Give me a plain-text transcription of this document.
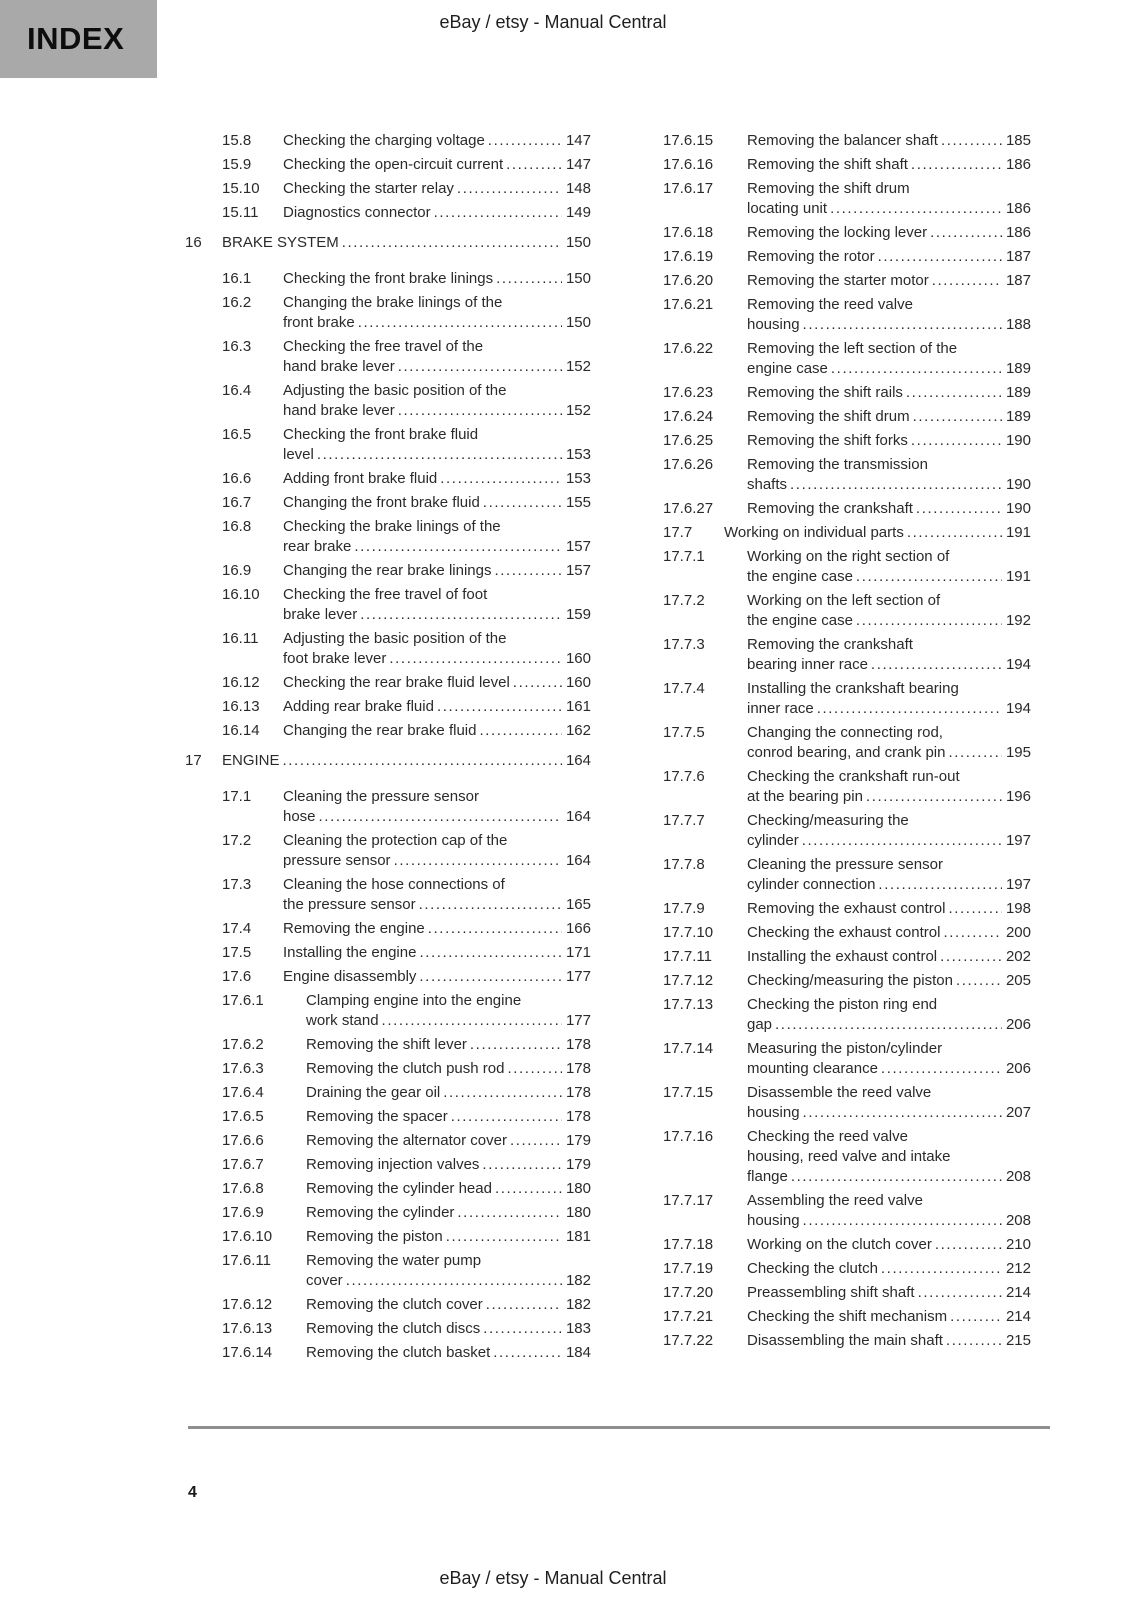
INDEX	eBay / etsy - Manual Central
15.8	Checking the charging voltage .....	147
15.9	Checking the open-circuit current .....	147
15.10	Checking the starter relay .....	148
15.11	Diagnostics connector .....	149
16	BRAKE SYSTEM .....	150
16.1	Checking the front brake linings .....	150
16.2	Changing the brake linings of the
front brake .....	150
16.3	Checking the free travel of the
hand brake lever .....	152
16.4	Adjusting the basic position of the
hand brake lever .....	152
16.5	Checking the front brake fluid
level .....	153
16.6	Adding front brake fluid .....	153
16.7	Changing the front brake fluid .....	155
16.8	Checking the brake linings of the
rear brake .....	157
16.9	Changing the rear brake linings .....	157
16.10	Checking the free travel of foot
brake lever .....	159
16.11	Adjusting the basic position of the
foot brake lever .....	160
16.12	Checking the rear brake fluid level .....	160
16.13	Adding rear brake fluid .....	161
16.14	Changing the rear brake fluid .....	162
17	ENGINE .....	164
17.1	Cleaning the pressure sensor
hose .....	164
17.2	Cleaning the protection cap of the
pressure sensor .....	164
17.3	Cleaning the hose connections of
the pressure sensor .....	165
17.4	Removing the engine .....	166
17.5	Installing the engine .....	171
17.6	Engine disassembly .....	177
17.6.1	Clamping engine into the engine
work stand .....	177
17.6.2	Removing the shift lever .....	178
17.6.3	Removing the clutch push rod .....	178
17.6.4	Draining the gear oil .....	178
17.6.5	Removing the spacer .....	178
17.6.6	Removing the alternator cover .....	179
17.6.7	Removing injection valves .....	179
17.6.8	Removing the cylinder head .....	180
17.6.9	Removing the cylinder .....	180
17.6.10	Removing the piston .....	181
17.6.11	Removing the water pump
cover .....	182
17.6.12	Removing the clutch cover .....	182
17.6.13	Removing the clutch discs .....	183
17.6.14	Removing the clutch basket .....	184
17.6.15	Removing the balancer shaft .....	185
17.6.16	Removing the shift shaft .....	186
17.6.17	Removing the shift drum
locating unit .....	186
17.6.18	Removing the locking lever .....	186
17.6.19	Removing the rotor .....	187
17.6.20	Removing the starter motor .....	187
17.6.21	Removing the reed valve
housing .....	188
17.6.22	Removing the left section of the
engine case .....	189
17.6.23	Removing the shift rails .....	189
17.6.24	Removing the shift drum .....	189
17.6.25	Removing the shift forks .....	190
17.6.26	Removing the transmission
shafts .....	190
17.6.27	Removing the crankshaft .....	190
17.7	Working on individual parts .....	191
17.7.1	Working on the right section of
the engine case .....	191
17.7.2	Working on the left section of
the engine case .....	192
17.7.3	Removing the crankshaft
bearing inner race .....	194
17.7.4	Installing the crankshaft bearing
inner race .....	194
17.7.5	Changing the connecting rod,
conrod bearing, and crank pin .....	195
17.7.6	Checking the crankshaft run-out
at the bearing pin .....	196
17.7.7	Checking/measuring the
cylinder .....	197
17.7.8	Cleaning the pressure sensor
cylinder connection .....	197
17.7.9	Removing the exhaust control .....	198
17.7.10	Checking the exhaust control .....	200
17.7.11	Installing the exhaust control .....	202
17.7.12	Checking/measuring the piston .....	205
17.7.13	Checking the piston ring end
gap .....	206
17.7.14	Measuring the piston/cylinder
mounting clearance .....	206
17.7.15	Disassemble the reed valve
housing .....	207
17.7.16	Checking the reed valve
housing, reed valve and intake
flange .....	208
17.7.17	Assembling the reed valve
housing .....	208
17.7.18	Working on the clutch cover .....	210
17.7.19	Checking the clutch .....	212
17.7.20	Preassembling shift shaft .....	214
17.7.21	Checking the shift mechanism .....	214
17.7.22	Disassembling the main shaft .....	215
4
eBay / etsy - Manual Central
